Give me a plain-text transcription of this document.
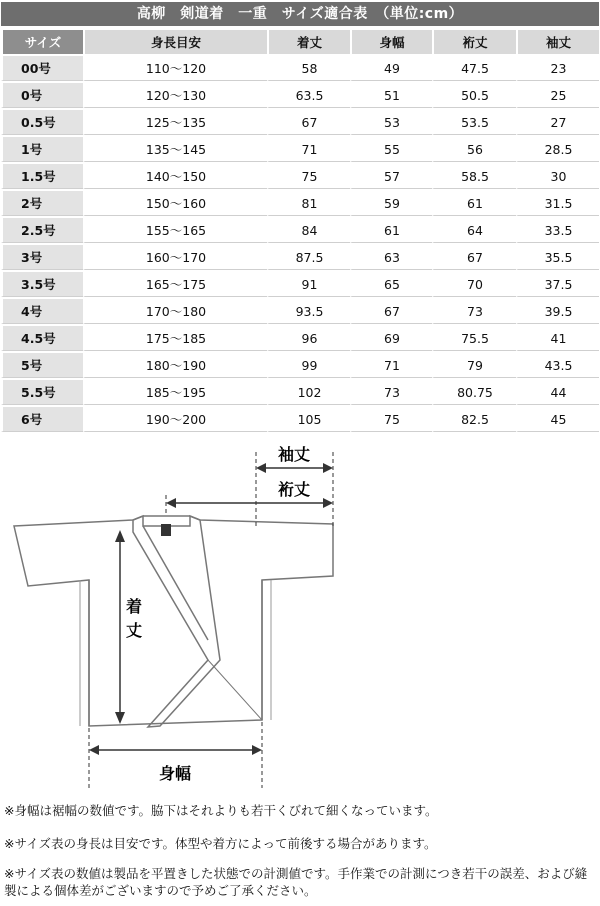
高柳　剣道着　一重　サイズ適合表　（単位:cm）
サイズ	身長目安	着丈	身幅	裄丈	袖丈
00号	110～120	58	49	47.5	23
0号	120～130	63.5	51	50.5	25
0.5号	125～135	67	53	53.5	27
1号	135～145	71	55	56	28.5
1.5号	140～150	75	57	58.5	30
2号	150～160	81	59	61	31.5
2.5号	155～165	84	61	64	33.5
3号	160～170	87.5	63	67	35.5
3.5号	165～175	91	65	70	37.5
4号	170～180	93.5	67	73	39.5
4.5号	175～185	96	69	75.5	41
5号	180～190	99	71	79	43.5
5.5号	185～195	102	73	80.75	44
6号	190～200	105	75	82.5	45
袖丈
裄丈
着
丈
身幅
※身幅は裾幅の数値です。脇下はそれよりも若干くびれて細くなっています。
※サイズ表の身長は目安です。体型や着方によって前後する場合があります。
※サイズ表の数値は製品を平置きした状態での計測値です。手作業での計測につき若干の誤差、および縫製による個体差がございますので予めご了承ください。
